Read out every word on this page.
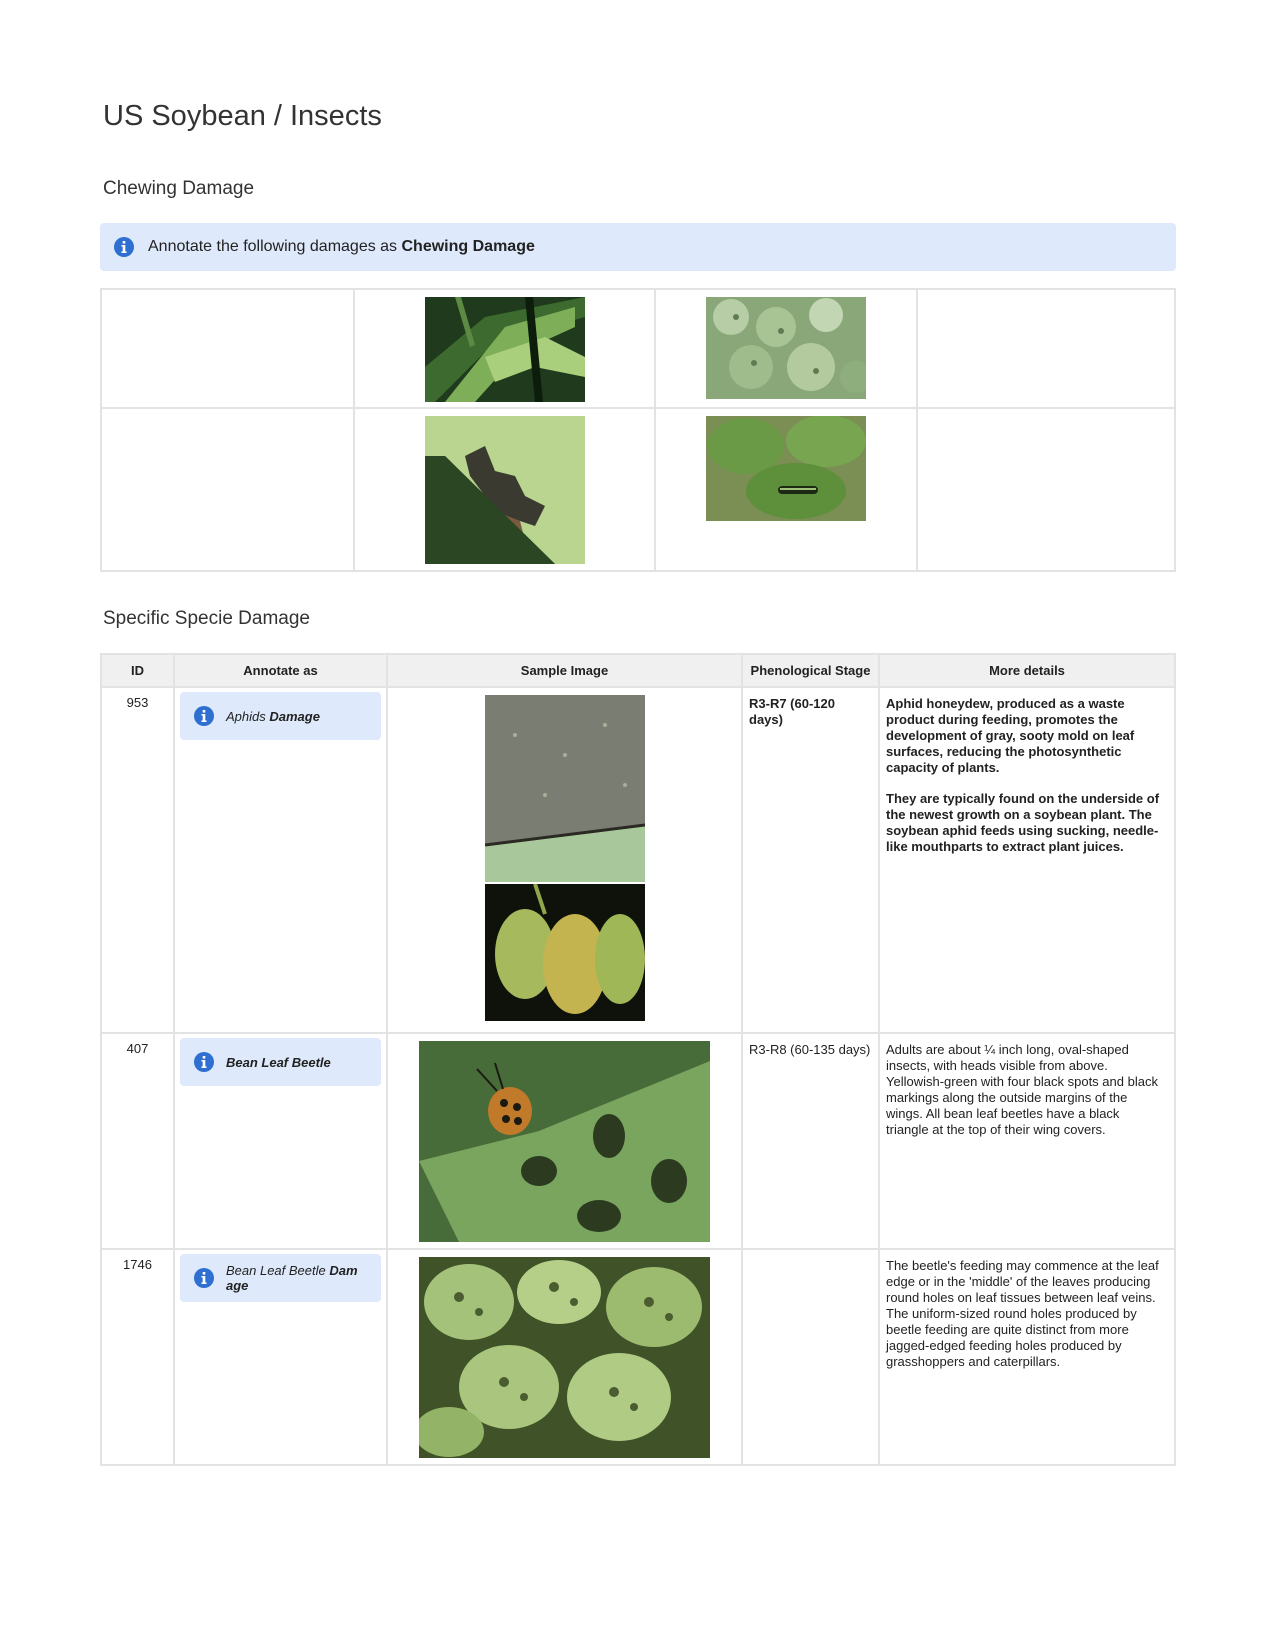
US Soybean / Insects
Chewing Damage
Annotate the following damages as Chewing Damage

Specific Specie Damage
ID	Annotate as	Sample Image	Phenological Stage	More details
953	Aphids Damage		R3-R7 (60-120 days)	Aphid honeydew, produced as a waste product during feeding, promotes the development of gray, sooty mold on leaf surfaces, reducing the photosynthetic capacity of plants.
They are typically found on the underside of the newest growth on a soybean plant. The soybean aphid feeds using sucking, needle-like mouthparts to extract plant juices.

407	Bean Leaf Beetle		R3-R8 (60-135 days)	Adults are about ¼ inch long, oval-shaped insects, with heads visible from above. Yellowish-green with four black spots and black markings along the outside margins of the wings. All bean leaf beetles have a black triangle at the top of their wing covers.

1746	Bean Leaf Beetle Dam age			The beetle's feeding may commence at the leaf edge or in the 'middle' of the leaves producing round holes on leaf tissues between leaf veins. The uniform-sized round holes produced by beetle feeding are quite distinct from more jagged-edged feeding holes produced by grasshoppers and caterpillars.
